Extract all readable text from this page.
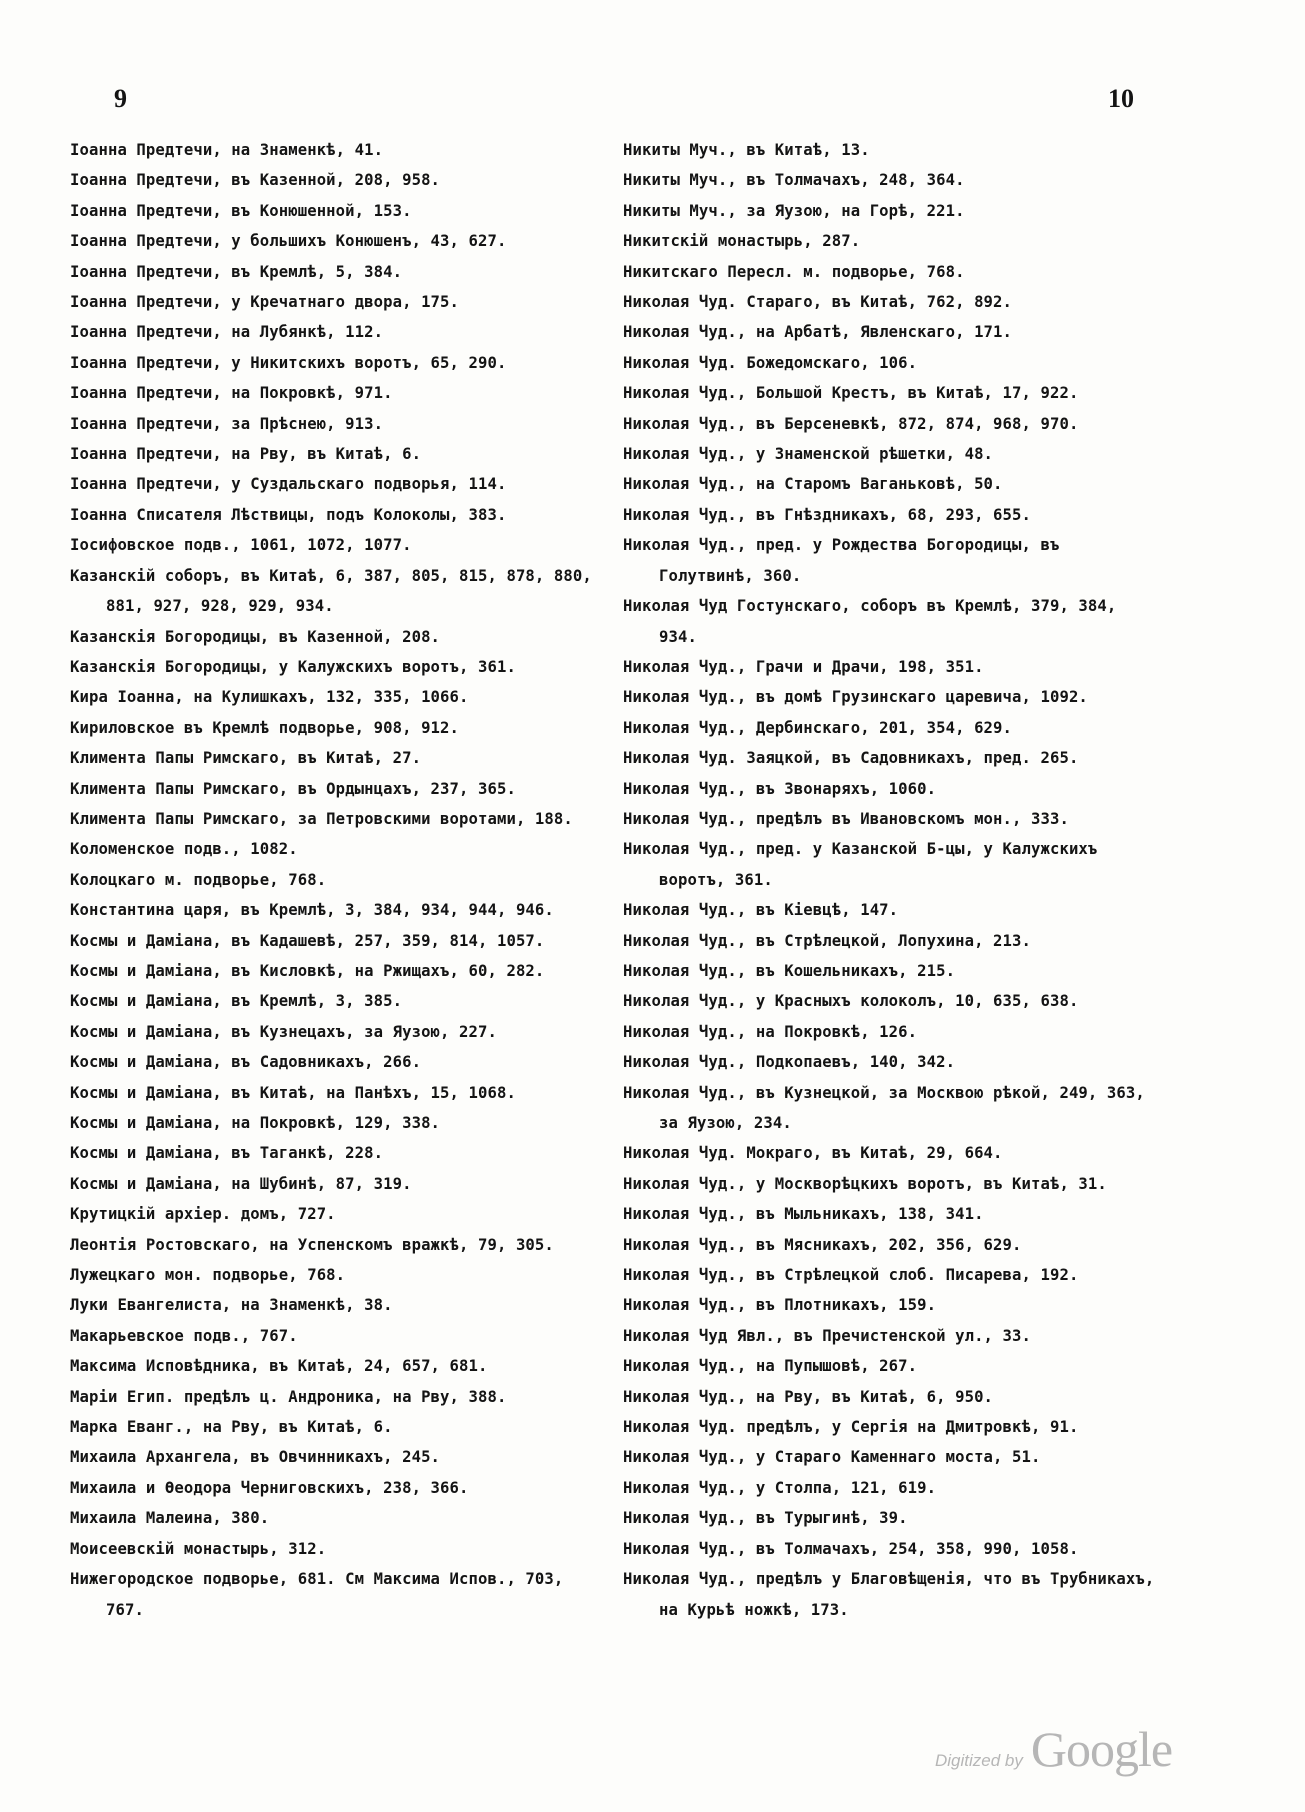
9	10
Іоанна Предтечи, на Знаменкѣ, 41.
Іоанна Предтечи, въ Казенной, 208, 958.
Іоанна Предтечи, въ Конюшенной, 153.
Іоанна Предтечи, у большихъ Конюшенъ, 43, 627.
Іоанна Предтечи, въ Кремлѣ, 5, 384.
Іоанна Предтечи, у Кречатнаго двора, 175.
Іоанна Предтечи, на Лубянкѣ, 112.
Іоанна Предтечи, у Никитскихъ воротъ, 65, 290.
Іоанна Предтечи, на Покровкѣ, 971.
Іоанна Предтечи, за Прѣснею, 913.
Іоанна Предтечи, на Рву, въ Китаѣ, 6.
Іоанна Предтечи, у Суздальскаго подворья, 114.
Іоанна Списателя Лѣствицы, подъ Колоколы, 383.
Іосифовское подв., 1061, 1072, 1077.
Казанскій соборъ, въ Китаѣ, 6, 387, 805, 815, 878, 880, 881, 927, 928, 929, 934.
Казанскія Богородицы, въ Казенной, 208.
Казанскія Богородицы, у Калужскихъ воротъ, 361.
Кира Іоанна, на Кулишкахъ, 132, 335, 1066.
Кириловское въ Кремлѣ подворье, 908, 912.
Климента Папы Римскаго, въ Китаѣ, 27.
Климента Папы Римскаго, въ Ордынцахъ, 237, 365.
Климента Папы Римскаго, за Петровскими воротами, 188.
Коломенское подв., 1082.
Колоцкаго м. подворье, 768.
Константина царя, въ Кремлѣ, 3, 384, 934, 944, 946.
Космы и Даміана, въ Кадашевѣ, 257, 359, 814, 1057.
Космы и Даміана, въ Кисловкѣ, на Ржищахъ, 60, 282.
Космы и Даміана, въ Кремлѣ, 3, 385.
Космы и Даміана, въ Кузнецахъ, за Яузою, 227.
Космы и Даміана, въ Садовникахъ, 266.
Космы и Даміана, въ Китаѣ, на Панѣхъ, 15, 1068.
Космы и Даміана, на Покровкѣ, 129, 338.
Космы и Даміана, въ Таганкѣ, 228.
Космы и Даміана, на Шубинѣ, 87, 319.
Крутицкій архіер. домъ, 727.
Леонтія Ростовскаго, на Успенскомъ вражкѣ, 79, 305.
Лужецкаго мон. подворье, 768.
Луки Евангелиста, на Знаменкѣ, 38.
Макарьевское подв., 767.
Максима Исповѣдника, въ Китаѣ, 24, 657, 681.
Маріи Егип. предѣлъ ц. Андроника, на Рву, 388.
Марка Еванг., на Рву, въ Китаѣ, 6.
Михаила Архангела, въ Овчинникахъ, 245.
Михаила и Ѳеодора Черниговскихъ, 238, 366.
Михаила Малеина, 380.
Моисеевскій монастырь, 312.
Нижегородское подворье, 681. См Максима Испов., 703, 767.
Никиты Муч., въ Китаѣ, 13.
Никиты Муч., въ Толмачахъ, 248, 364.
Никиты Муч., за Яузою, на Горѣ, 221.
Никитскій монастырь, 287.
Никитскаго Пересл. м. подворье, 768.
Николая Чуд. Стараго, въ Китаѣ, 762, 892.
Николая Чуд., на Арбатѣ, Явленскаго, 171.
Николая Чуд. Божедомскаго, 106.
Николая Чуд., Большой Крестъ, въ Китаѣ, 17, 922.
Николая Чуд., въ Берсеневкѣ, 872, 874, 968, 970.
Николая Чуд., у Знаменской рѣшетки, 48.
Николая Чуд., на Старомъ Ваганьковѣ, 50.
Николая Чуд., въ Гнѣздникахъ, 68, 293, 655.
Николая Чуд., пред. у Рождества Богородицы, въ Голутвинѣ, 360.
Николая Чуд Гостунскаго, соборъ въ Кремлѣ, 379, 384, 934.
Николая Чуд., Грачи и Драчи, 198, 351.
Николая Чуд., въ домѣ Грузинскаго царевича, 1092.
Николая Чуд., Дербинскаго, 201, 354, 629.
Николая Чуд. Заяцкой, въ Садовникахъ, пред. 265.
Николая Чуд., въ Звонаряхъ, 1060.
Николая Чуд., предѣлъ въ Ивановскомъ мон., 333.
Николая Чуд., пред. у Казанской Б-цы, у Калужскихъ воротъ, 361.
Николая Чуд., въ Кіевцѣ, 147.
Николая Чуд., въ Стрѣлецкой, Лопухина, 213.
Николая Чуд., въ Кошельникахъ, 215.
Николая Чуд., у Красныхъ колоколъ, 10, 635, 638.
Николая Чуд., на Покровкѣ, 126.
Николая Чуд., Подкопаевъ, 140, 342.
Николая Чуд., въ Кузнецкой, за Москвою рѣкой, 249, 363, за Яузою, 234.
Николая Чуд. Мокраго, въ Китаѣ, 29, 664.
Николая Чуд., у Москворѣцкихъ воротъ, въ Китаѣ, 31.
Николая Чуд., въ Мыльникахъ, 138, 341.
Николая Чуд., въ Мясникахъ, 202, 356, 629.
Николая Чуд., въ Стрѣлецкой слоб. Писарева, 192.
Николая Чуд., въ Плотникахъ, 159.
Николая Чуд Явл., въ Пречистенской ул., 33.
Николая Чуд., на Пупышовѣ, 267.
Николая Чуд., на Рву, въ Китаѣ, 6, 950.
Николая Чуд. предѣлъ, у Сергія на Дмитровкѣ, 91.
Николая Чуд., у Стараго Каменнаго моста, 51.
Николая Чуд., у Столпа, 121, 619.
Николая Чуд., въ Турыгинѣ, 39.
Николая Чуд., въ Толмачахъ, 254, 358, 990, 1058.
Николая Чуд., предѣлъ у Благовѣщенія, что въ Трубникахъ, на Курьѣ ножкѣ, 173.
Digitized by Google
